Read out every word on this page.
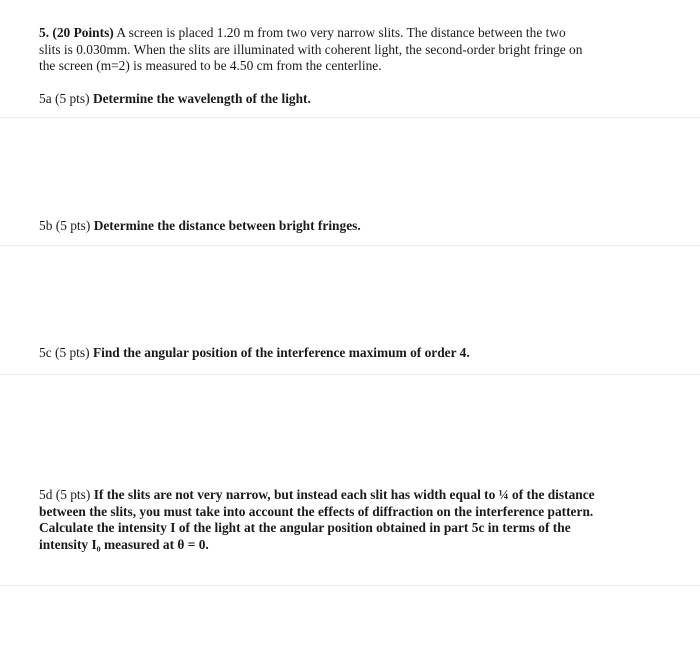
5. (20 Points) A screen is placed 1.20 m from two very narrow slits. The distance between the two
slits is 0.030mm. When the slits are illuminated with coherent light, the second-order bright fringe on
the screen (m=2) is measured to be 4.50 cm from the centerline.
5a (5 pts) Determine the wavelength of the light.
5b (5 pts) Determine the distance between bright fringes.
5c (5 pts) Find the angular position of the interference maximum of order 4.
5d (5 pts) If the slits are not very narrow, but instead each slit has width equal to ¼ of the distance
between the slits, you must take into account the effects of diffraction on the interference pattern.
Calculate the intensity I of the light at the angular position obtained in part 5c in terms of the
intensity I₀ measured at θ = 0.
